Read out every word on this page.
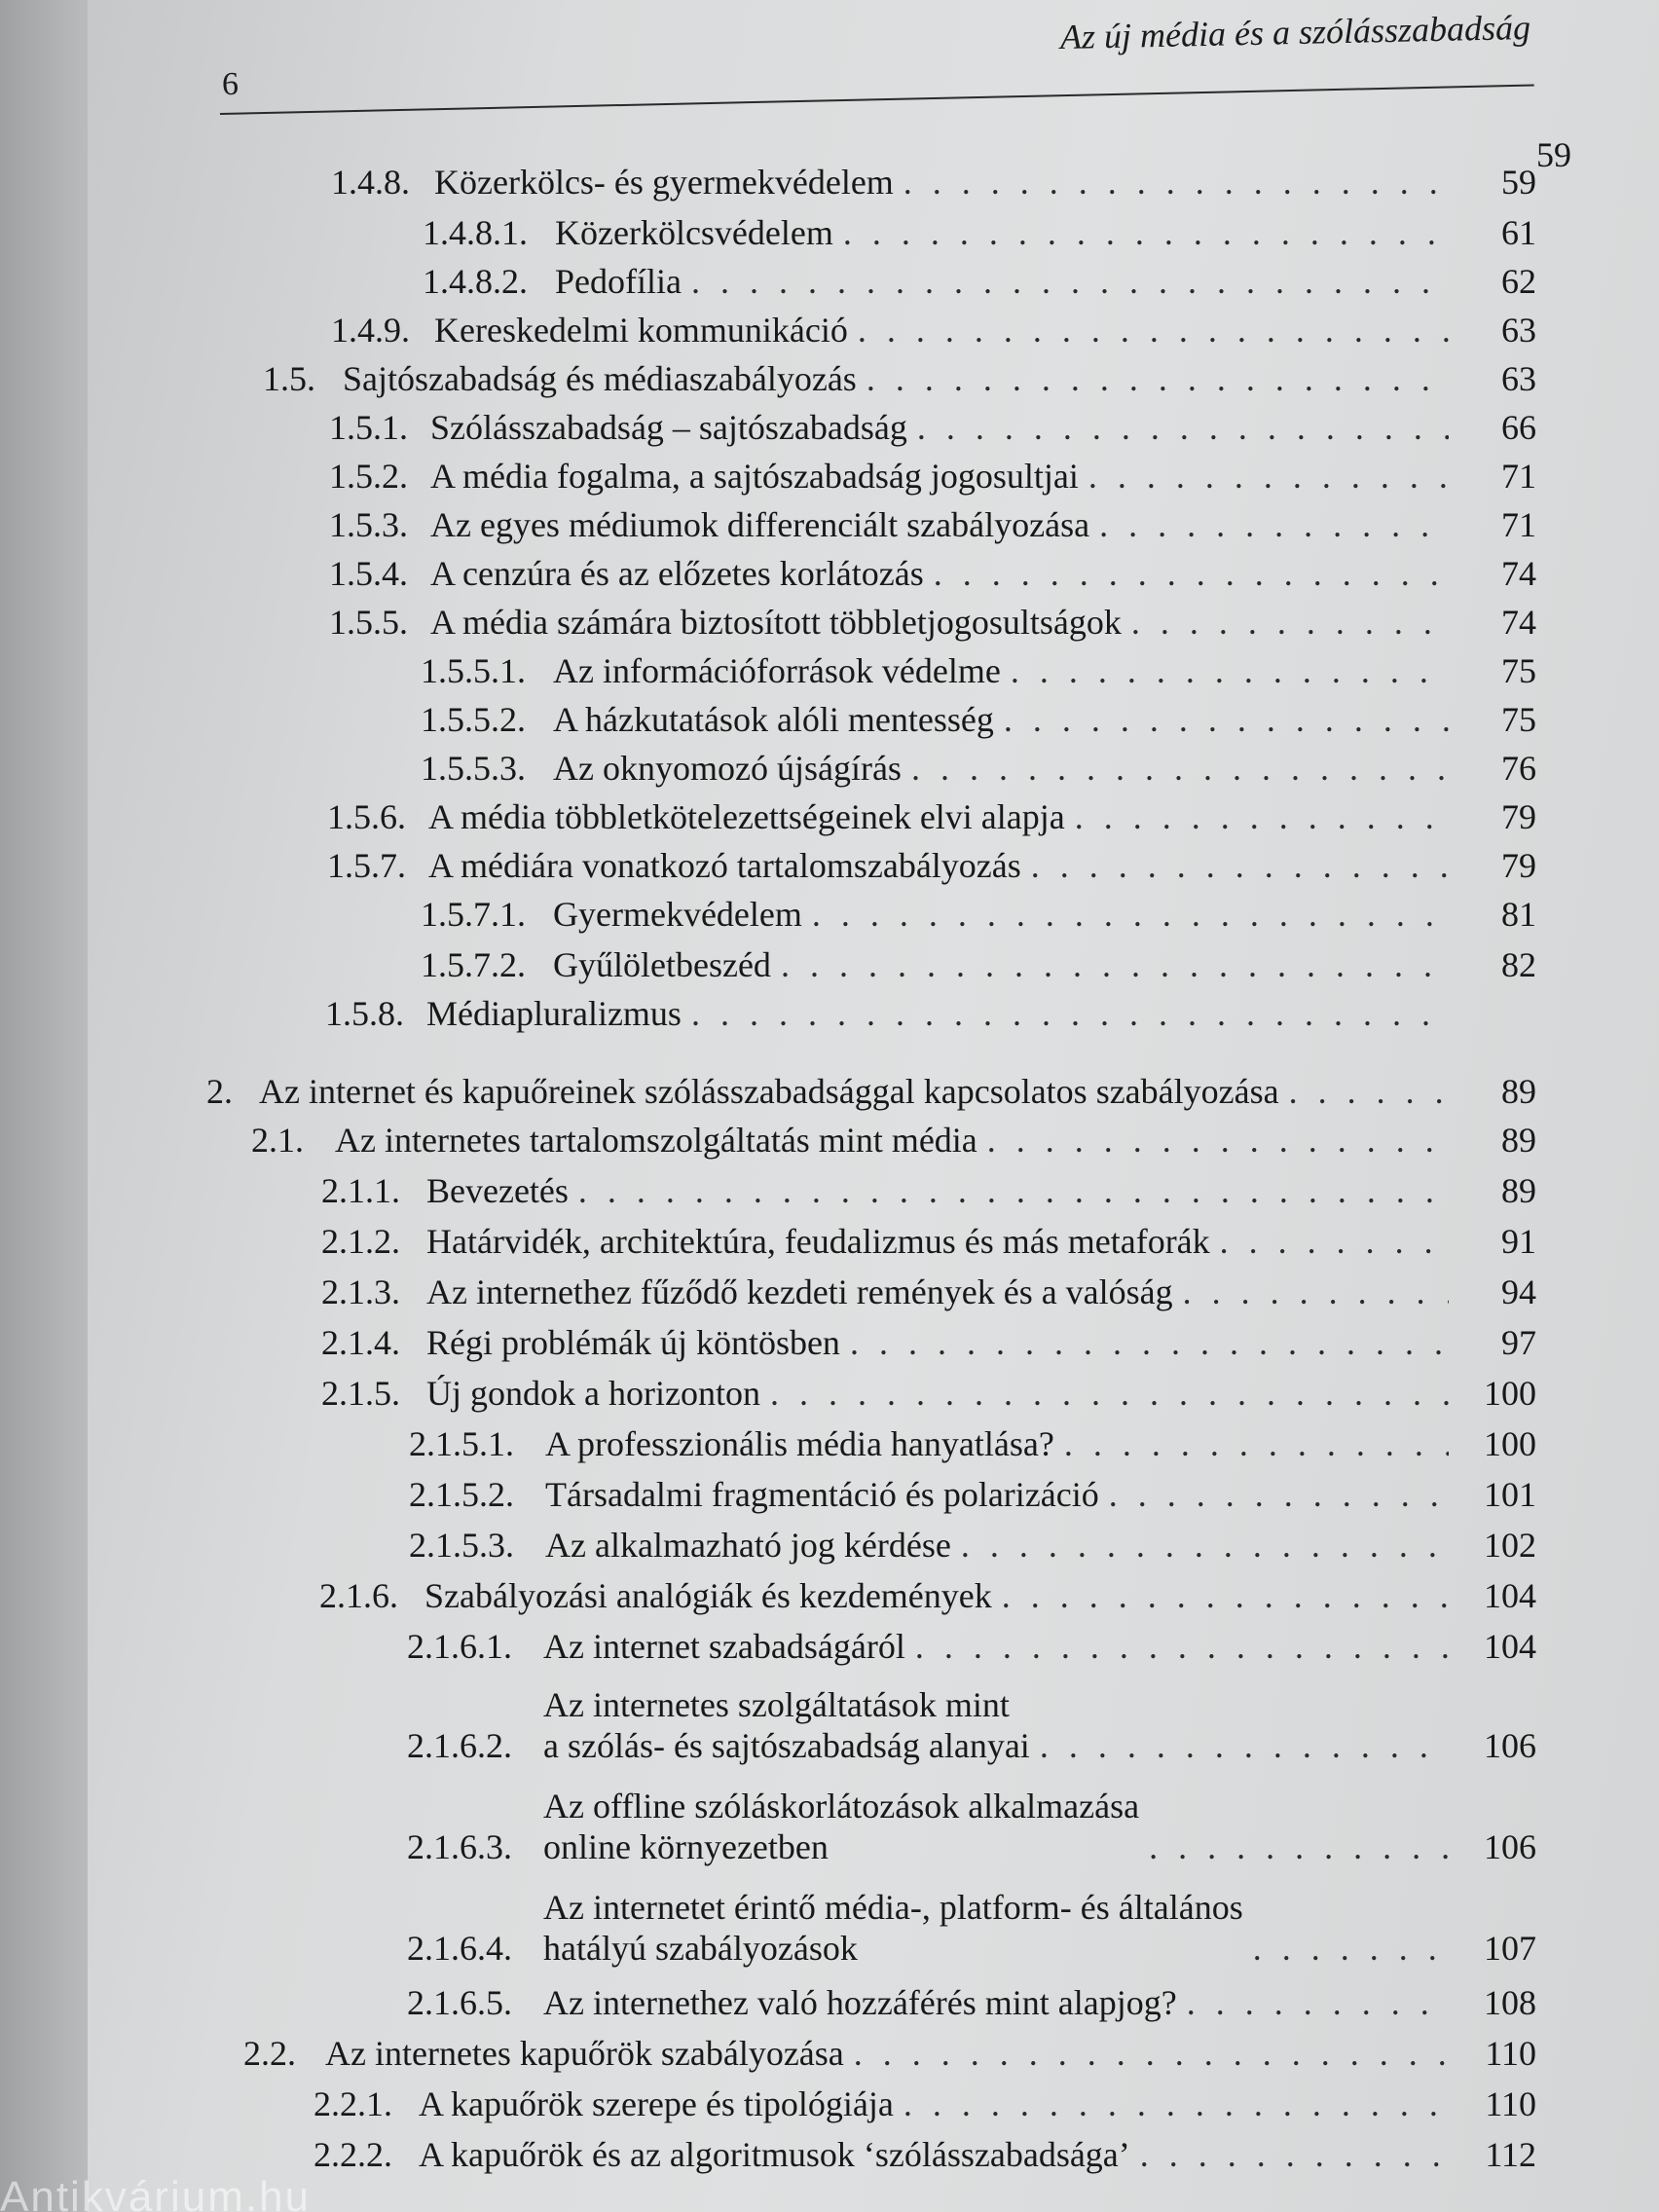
6
Az új média és a szólásszabadság
59
1.4.8. Közerkölcs- és gyermekvédelem . . .	59
1.4.8.1. Közerkölcsvédelem . . .	61
1.4.8.2. Pedofília . . .	62
1.4.9. Kereskedelmi kommunikáció . . .	63
1.5. Sajtószabadság és médiaszabályozás . . .	63
1.5.1. Szólásszabadság – sajtószabadság . . .	66
1.5.2. A média fogalma, a sajtószabadság jogosultjai . . .	71
1.5.3. Az egyes médiumok differenciált szabályozása . . .	71
1.5.4. A cenzúra és az előzetes korlátozás . . .	74
1.5.5. A média számára biztosított többletjogosultságok . . .	74
1.5.5.1. Az információforrások védelme . . .	75
1.5.5.2. A házkutatások alóli mentesség . . .	75
1.5.5.3. Az oknyomozó újságírás . . .	76
1.5.6. A média többletkötelezettségeinek elvi alapja . . .	79
1.5.7. A médiára vonatkozó tartalomszabályozás . . .	79
1.5.7.1. Gyermekvédelem . . .	81
1.5.7.2. Gyűlöletbeszéd . . .	82
1.5.8. Médiapluralizmus
. . .
2. Az internet és kapuőreinek szólásszabadsággal kapcsolatos szabályozása . . .	89
2.1. Az internetes tartalomszolgáltatás mint média . . .	89
2.1.1. Bevezetés . . .	89
2.1.2. Határvidék, architektúra, feudalizmus és más metaforák . . .	91
2.1.3. Az internethez fűződő kezdeti remények és a valóság . . .	94
2.1.4. Régi problémák új köntösben . . .	97
2.1.5. Új gondok a horizonton . . .	100
2.1.5.1. A professzionális média hanyatlása? . . .	100
2.1.5.2. Társadalmi fragmentáció és polarizáció . . .	101
2.1.5.3. Az alkalmazható jog kérdése . . .	102
2.1.6. Szabályozási analógiák és kezdemények . . .	104
2.1.6.1. Az internet szabadságáról . . .	104
2.1.6.2.
Az internetes szolgáltatások mint
a szólás- és sajtószabadság alanyai . . .	106
2.1.6.3.
Az offline szóláskorlátozások alkalmazása
online környezetben . . .	106
2.1.6.4.
Az internetet érintő média-, platform- és általános
hatályú szabályozások . . .	107
2.1.6.5. Az internethez való hozzáférés mint alapjog? . . .	108
2.2. Az internetes kapuőrök szabályozása . . .	110
2.2.1. A kapuőrök szerepe és tipológiája . . .	110
2.2.2. A kapuőrök és az algoritmusok ‘szólásszabadsága’ . . .	112
Antikvárium.hu
